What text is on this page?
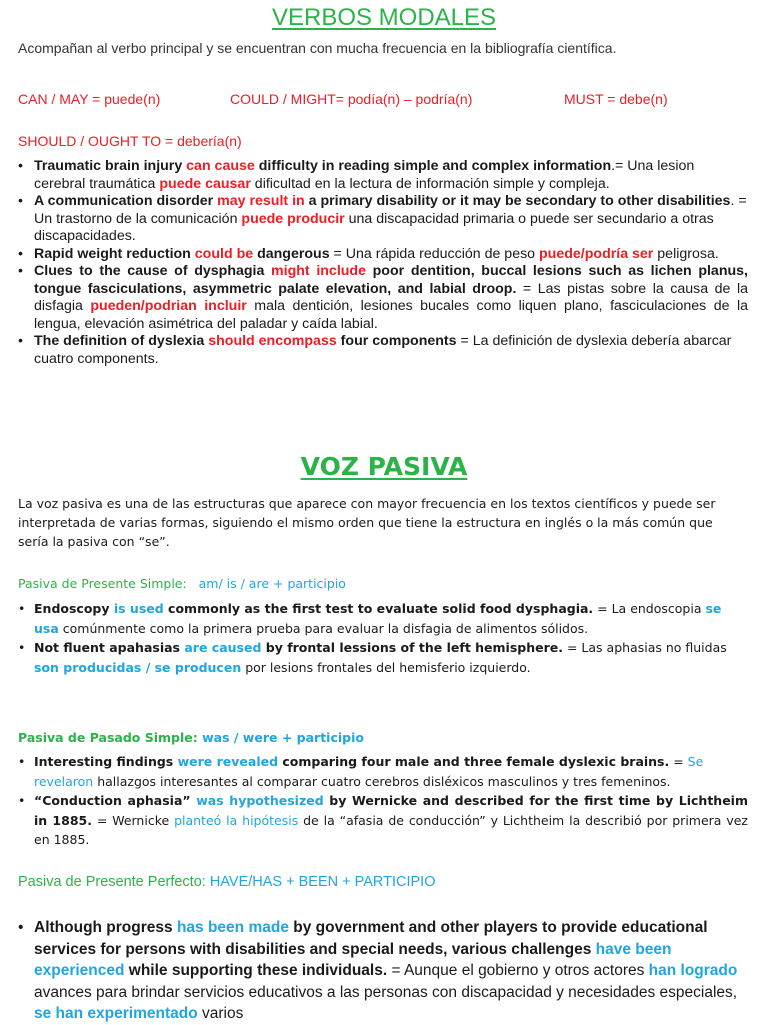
VERBOS MODALES
Acompañan al verbo principal y se encuentran con mucha frecuencia en la bibliografía científica.
CAN / MAY = puede(n)	COULD / MIGHT= podía(n) – podría(n)	MUST = debe(n)
SHOULD / OUGHT TO = debería(n)
• Traumatic brain injury can cause difficulty in reading simple and complex information.= Una lesion cerebral traumática puede causar dificultad en la lectura de información simple y compleja.
• A communication disorder may result in a primary disability or it may be secondary to other disabilities. = Un trastorno de la comunicación puede producir una discapacidad primaria o puede ser secundario a otras discapacidades.
• Rapid weight reduction could be dangerous = Una rápida reducción de peso puede/podría ser peligrosa.
• Clues to the cause of dysphagia might include poor dentition, buccal lesions such as lichen planus, tongue fasciculations, asymmetric palate elevation, and labial droop. = Las pistas sobre la causa de la disfagia pueden/podrian incluir mala dentición, lesiones bucales como liquen plano, fasciculaciones de la lengua, elevación asimétrica del paladar y caída labial.
• The definition of dyslexia should encompass four components = La definición de dyslexia debería abarcar cuatro components.
VOZ PASIVA
La voz pasiva es una de las estructuras que aparece con mayor frecuencia en los textos científicos y puede ser interpretada de varias formas, siguiendo el mismo orden que tiene la estructura en inglés o la más común que sería la pasiva con “se”.
Pasiva de Presente Simple:   am/ is / are + participio
• Endoscopy is used commonly as the first test to evaluate solid food dysphagia. = La endoscopia se usa comúnmente como la primera prueba para evaluar la disfagia de alimentos sólidos.
• Not fluent apahasias are caused by frontal lessions of the left hemisphere. = Las aphasias no fluidas son producidas / se producen por lesions frontales del hemisferio izquierdo.
Pasiva de Pasado Simple: was / were + participio
• Interesting findings were revealed comparing four male and three female dyslexic brains. = Se revelaron hallazgos interesantes al comparar cuatro cerebros disléxicos masculinos y tres femeninos.
• “Conduction aphasia” was hypothesized by Wernicke and described for the first time by Lichtheim in 1885. = Wernicke planteó la hipótesis de la “afasia de conducción” y Lichtheim la describió por primera vez en 1885.
Pasiva de Presente Perfecto: HAVE/HAS + BEEN + PARTICIPIO
• Although progress has been made by government and other players to provide educational services for persons with disabilities and special needs, various challenges have been experienced while supporting these individuals. = Aunque el gobierno y otros actores han logrado avances para brindar servicios educativos a las personas con discapacidad y necesidades especiales, se han experimentado varios
